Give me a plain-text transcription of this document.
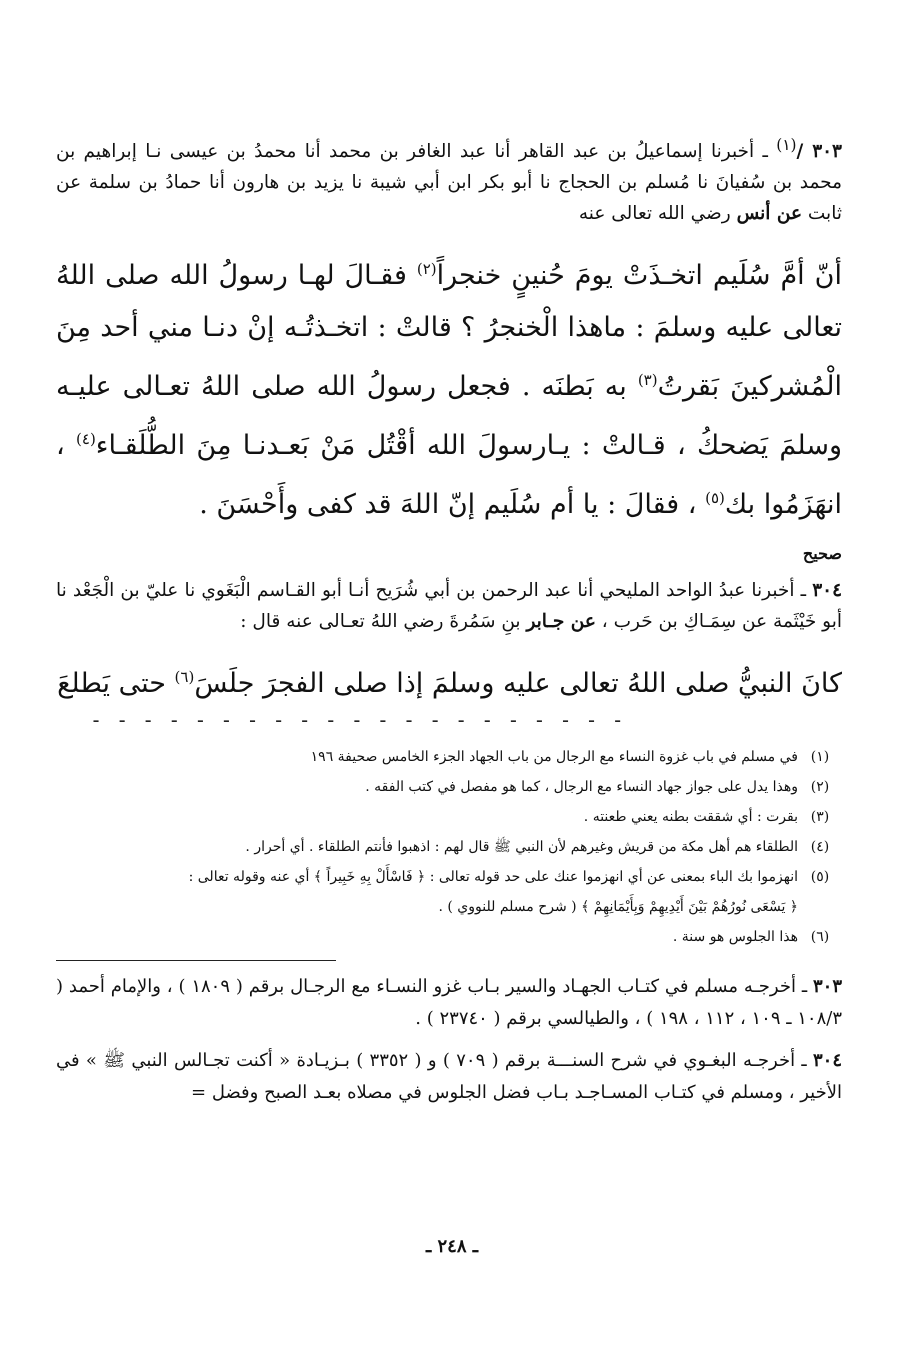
٣٠٣ /$^{(١)}$ ـ أخبرنا إسماعيلُ بن عبد القاهر أنا عبد الغافر بن محمد أنا محمدُ بن عيسى نـا إبراهيم بن محمد بن سُفيانَ نا مُسلم بن الحجاج نا أبو بكر ابن أبي شيبة نا يزيد بن هارون أنا حمادُ بن سلمة عن ثابت عن أنس رضي الله تعالى عنه

أنّ أمَّ سُلَيم اتخـذَتْ يومَ حُنينٍ خنجراً$^{(٢)}$ فقـالَ لهـا رسولُ الله صلى اللهُ تعالى عليه وسلمَ : ماهذا الْخنجرُ ؟ قالتْ : اتخـذتُـه إنْ دنـا مني أحد مِنَ الْمُشركينَ بَقرتُ$^{(٣)}$ به بَطنَه . فجعل رسولُ الله صلى اللهُ تعـالى عليـه وسلمَ يَضحكُ ، قـالتْ : يـارسولَ الله أقْتُل مَنْ بَعـدنـا مِنَ الطُّلَقـاء$^{(٤)}$ ، انهَزَمُوا بك$^{(٥)}$ ، فقالَ : يا أم سُلَيم إنّ اللهَ قد كفى وأَحْسَنَ .

صحيح

٣٠٤ ـ أخبرنا عبدُ الواحد المليحي أنا عبد الرحمن بن أبي شُرَيح أنـا أبو القـاسم الْبَغَوي نا عليّ بن الْجَعْد نا أبو خَيْثَمة عن سِمَـاكِ بن حَرب ، عن جـابر بنِ سَمُرةَ رضي اللهُ تعـالى عنه قال :

كانَ النبيُّ صلى اللهُ تعالى عليه وسلمَ إذا صلى الفجرَ جلَسَ$^{(٦)}$ حتى يَطلعَ

- - - - - - - - - - - - - - - - - - - - -
(١)
في مسلم في باب غزوة النساء مع الرجال من باب الجهاد الجزء الخامس صحيفة ١٩٦
(٢)
وهذا يدل على جواز جهاد النساء مع الرجال ، كما هو مفصل في كتب الفقه .
(٣)
بقرت : أي شققت بطنه يعني طعنته .
(٤)
الطلقاء هم أهل مكة من قريش وغيرهم لأن النبي ﷺ قال لهم : اذهبوا فأنتم الطلقاء . أي أحرار .
(٥)
انهزموا بك الباء بمعنى عن أي انهزموا عنك على حد قوله تعالى : ﴿ فَاسْأَلْ بِهِ خَبِيراً ﴾ أي عنه وقوله تعالى :
﴿ يَسْعَى نُورُهُمْ بَيْنَ أَيْدِيهِمْ وَبِأَيْمَانِهِمْ ﴾ ( شرح مسلم للنووي ) .
(٦)
هذا الجلوس هو سنة .

٣٠٣ ـ أخرجـه مسلم في كتـاب الجهـاد والسير بـاب غزو النسـاء مع الرجـال برقم ( ١٨٠٩ ) ، والإمام أحمد ( ١٠٨/٣ ـ ١٠٩ ، ١١٢ ، ١٩٨ ) ، والطيالسي برقم ( ٢٣٧٤٠ ) .

٣٠٤ ـ أخرجـه البغـوي في شرح السنـــة برقم ( ٧٠٩ ) و ( ٣٣٥٢ ) بـزيـادة « أكنت تجـالس النبي ﷺ » في الأخير ، ومسلم في كتـاب المسـاجـد بـاب فضل الجلوس في مصلاه بعـد الصبح وفضل =

ـ ٢٤٨ ـ
